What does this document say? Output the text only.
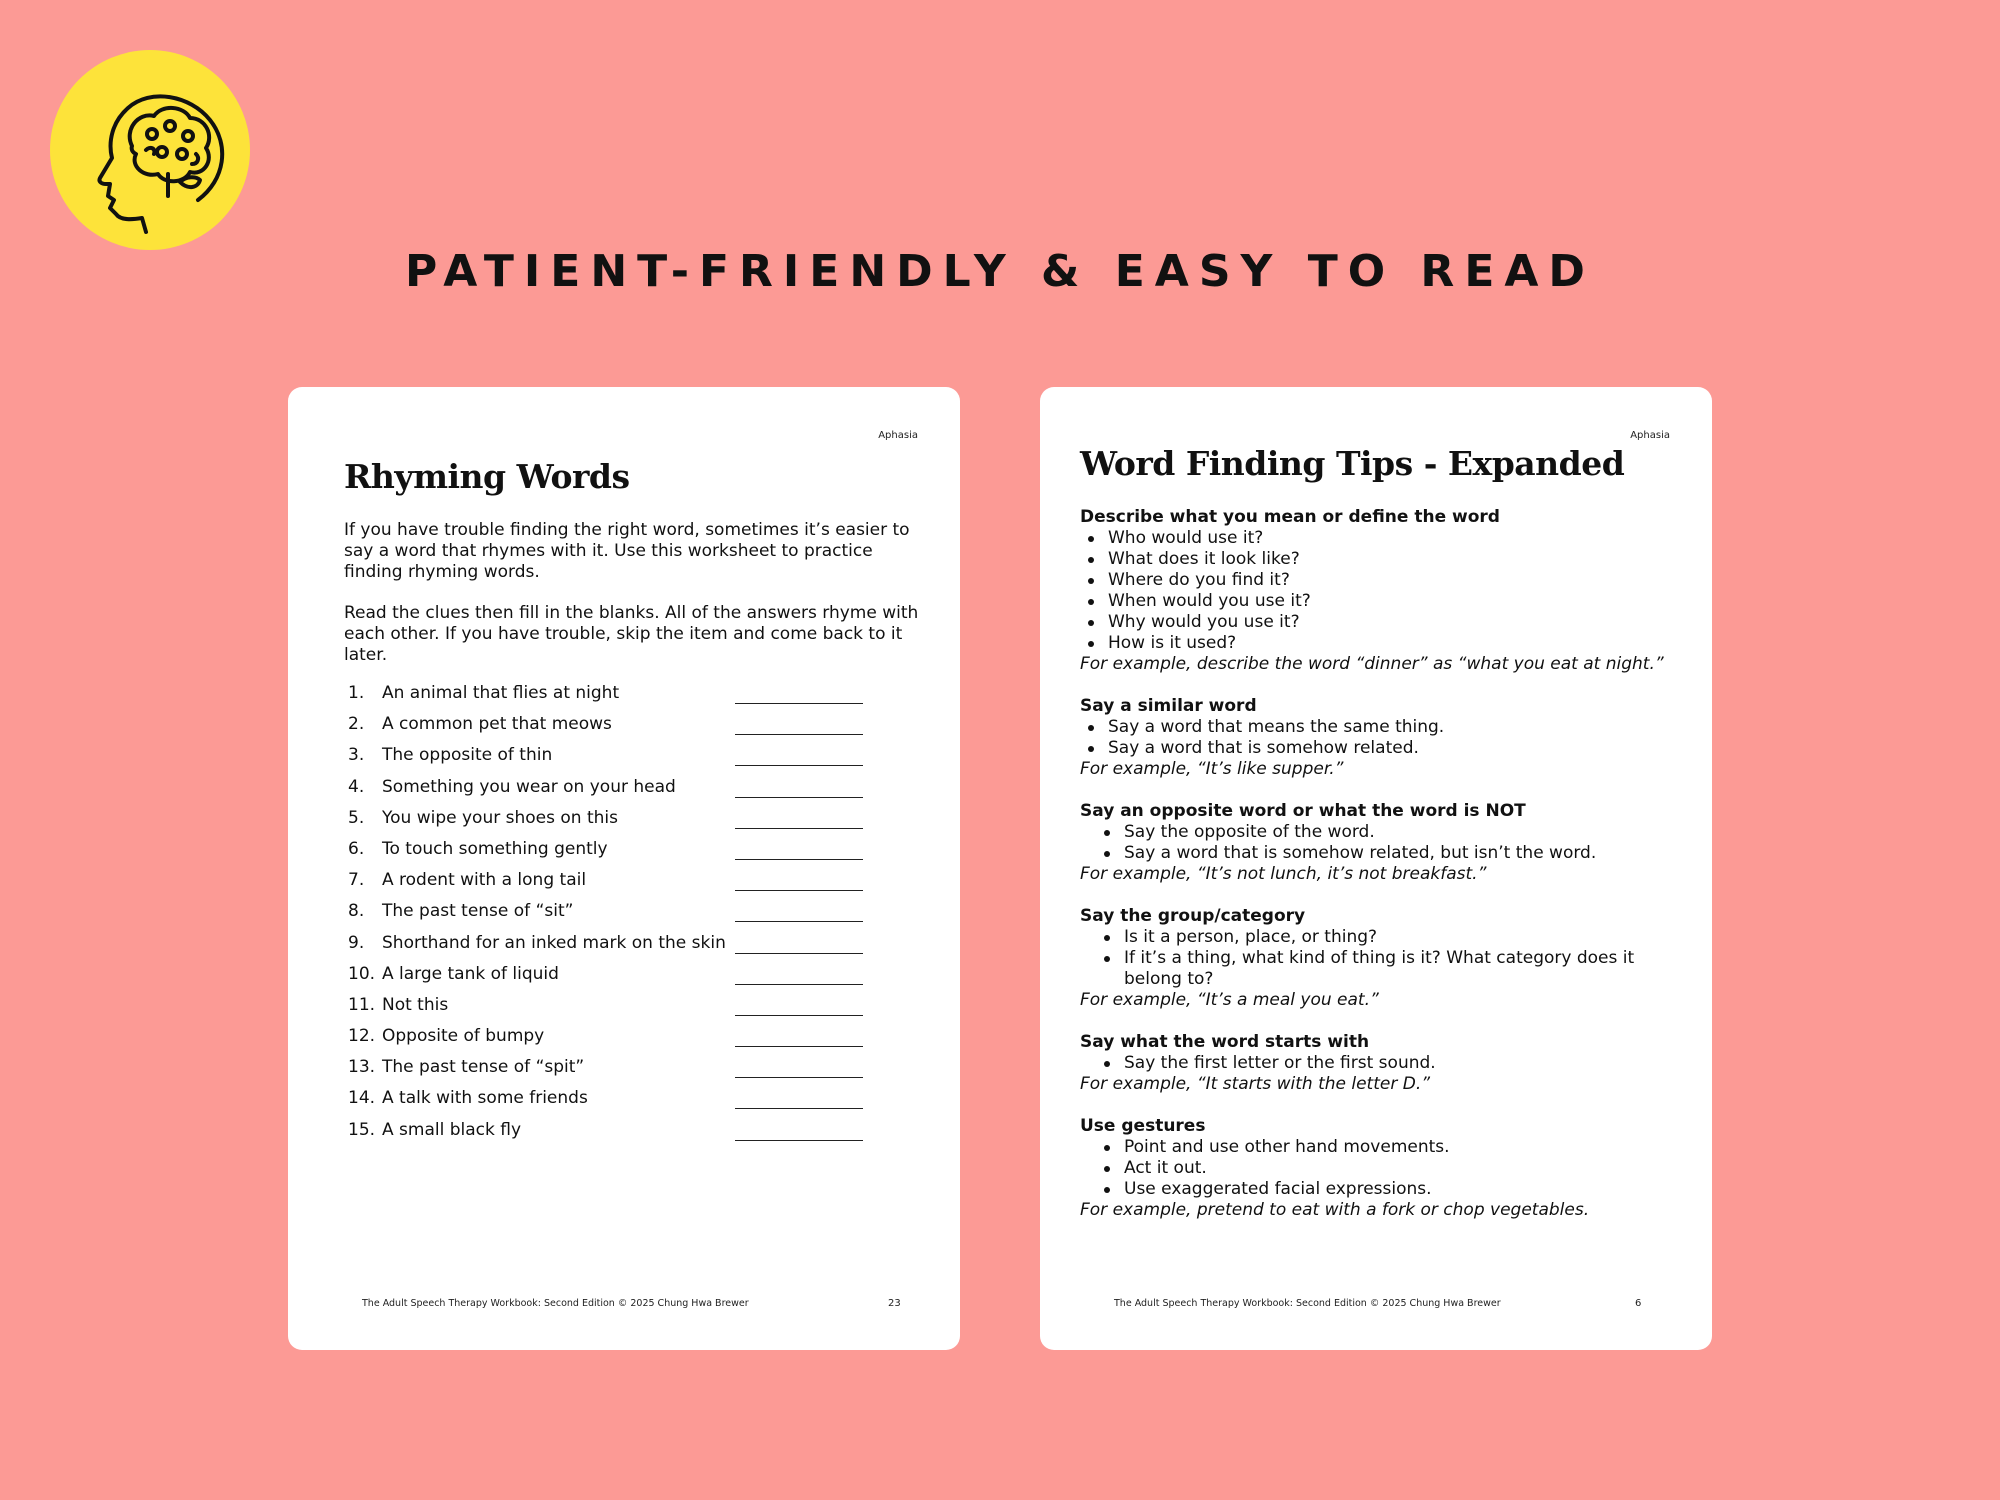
PATIENT-FRIENDLY & EASY TO READ
Aphasia
Rhyming Words
If you have trouble finding the right word, sometimes it’s easier to say a word that rhymes with it. Use this worksheet to practice finding rhyming words.
Read the clues then fill in the blanks. All of the answers rhyme with each other. If you have trouble, skip the item and come back to it later.
1. An animal that flies at night
2. A common pet that meows
3. The opposite of thin
4. Something you wear on your head
5. You wipe your shoes on this
6. To touch something gently
7. A rodent with a long tail
8. The past tense of “sit”
9. Shorthand for an inked mark on the skin
10. A large tank of liquid
11. Not this
12. Opposite of bumpy
13. The past tense of “spit”
14. A talk with some friends
15. A small black fly
The Adult Speech Therapy Workbook: Second Edition © 2025 Chung Hwa Brewer	23
Aphasia
Word Finding Tips - Expanded
Describe what you mean or define the word
Who would use it?
What does it look like?
Where do you find it?
When would you use it?
Why would you use it?
How is it used?
For example, describe the word “dinner” as “what you eat at night.”
Say a similar word
Say a word that means the same thing.
Say a word that is somehow related.
For example, “It’s like supper.”
Say an opposite word or what the word is NOT
Say the opposite of the word.
Say a word that is somehow related, but isn’t the word.
For example, “It’s not lunch, it’s not breakfast.”
Say the group/category
Is it a person, place, or thing?
If it’s a thing, what kind of thing is it? What category does it belong to?
For example, “It’s a meal you eat.”
Say what the word starts with
Say the first letter or the first sound.
For example, “It starts with the letter D.”
Use gestures
Point and use other hand movements.
Act it out.
Use exaggerated facial expressions.
For example, pretend to eat with a fork or chop vegetables.
The Adult Speech Therapy Workbook: Second Edition © 2025 Chung Hwa Brewer	6
